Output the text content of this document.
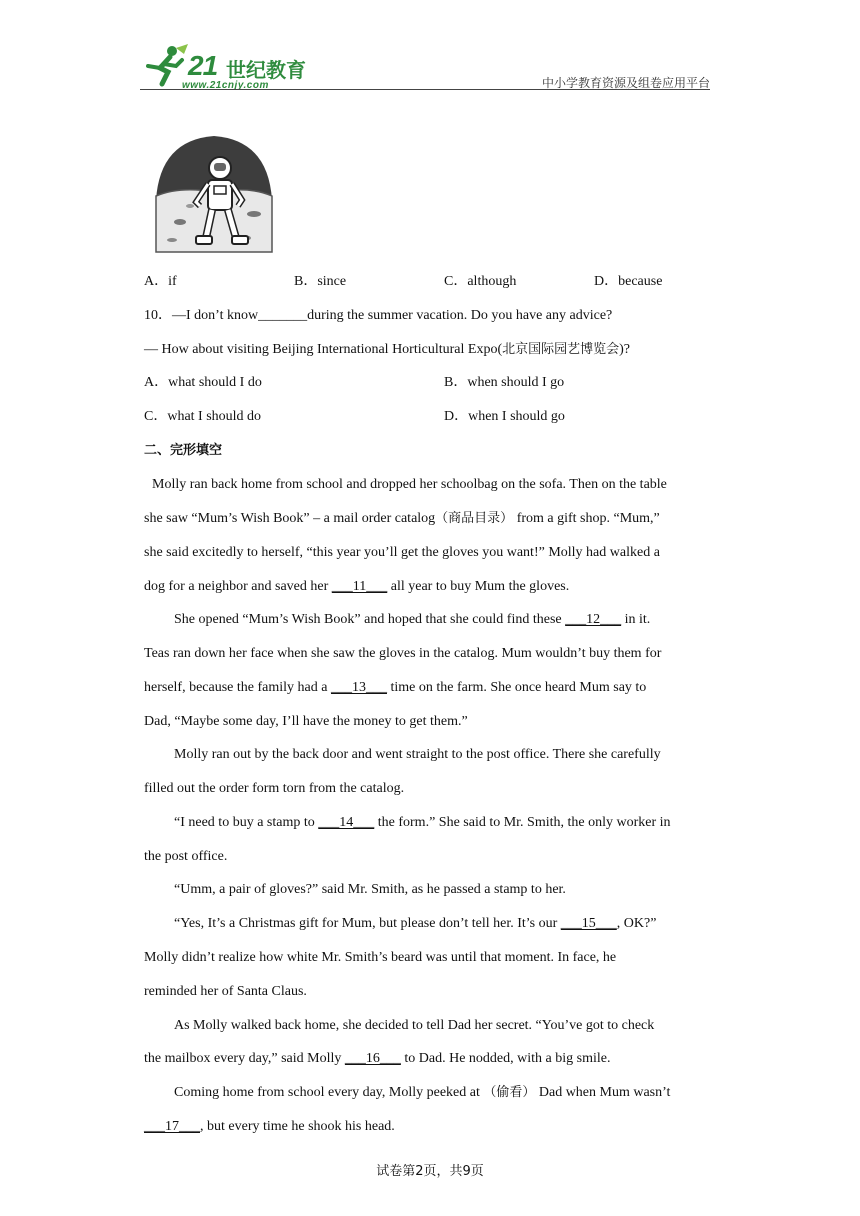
21 世纪教育
www.21cnjy.com	中小学教育资源及组卷应用平台
A．if	B．since	C．although	D．because
10．—I don’t know_______during the summer vacation. Do you have any advice?
— How about visiting Beijing International Horticultural Expo(北京国际园艺博览会)?
A．what should I do	B．when should I go
C．what I should do	D．when I should go
二、完形填空
Molly ran back home from school and dropped her schoolbag on the sofa. Then on the table
she saw “Mum’s Wish Book” – a mail order catalog（商品目录） from a gift shop. “Mum,”
she said excitedly to herself, “this year you’ll get the gloves you want!” Molly had walked a
dog for a neighbor and saved her ___11___ all year to buy Mum the gloves.
She opened “Mum’s Wish Book” and hoped that she could find these ___12___ in it.
Teas ran down her face when she saw the gloves in the catalog. Mum wouldn’t buy them for
herself, because the family had a ___13___ time on the farm. She once heard Mum say to
Dad, “Maybe some day, I’ll have the money to get them.”
Molly ran out by the back door and went straight to the post office. There she carefully
filled out the order form torn from the catalog.
“I need to buy a stamp to ___14___ the form.” She said to Mr. Smith, the only worker in
the post office.
“Umm, a pair of gloves?” said Mr. Smith, as he passed a stamp to her.
“Yes, It’s a Christmas gift for Mum, but please don’t tell her. It’s our ___15___, OK?”
Molly didn’t realize how white Mr. Smith’s beard was until that moment. In face, he
reminded her of Santa Claus.
As Molly walked back home, she decided to tell Dad her secret. “You’ve got to check
the mailbox every day,” said Molly ___16___ to Dad. He nodded, with a big smile.
Coming home from school every day, Molly peeked at （偷看） Dad when Mum wasn’t
___17___, but every time he shook his head.
试卷第2页，共9页
